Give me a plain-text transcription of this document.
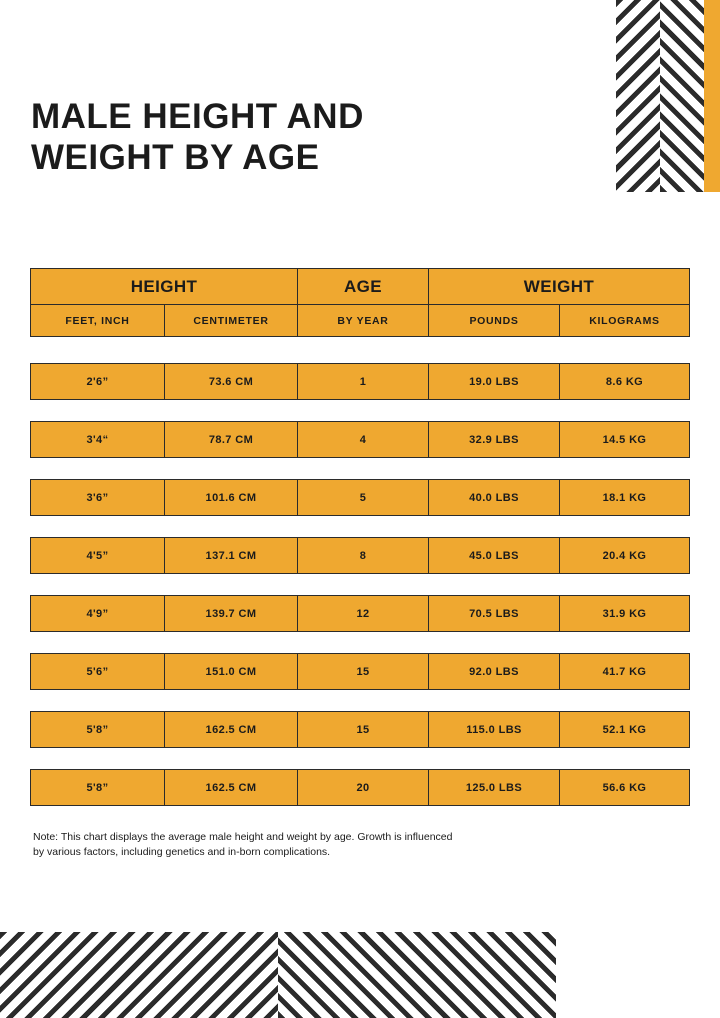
MALE HEIGHT AND
WEIGHT BY AGE
HEIGHT	AGE	WEIGHT
FEET, INCH	CENTIMETER	BY YEAR	POUNDS	KILOGRAMS
2'6”	73.6 CM	1	19.0 LBS	8.6 KG
3'4“	78.7 CM	4	32.9 LBS	14.5 KG
3'6”	101.6 CM	5	40.0 LBS	18.1 KG
4'5”	137.1 CM	8	45.0 LBS	20.4 KG
4'9”	139.7 CM	12	70.5 LBS	31.9 KG
5'6”	151.0 CM	15	92.0 LBS	41.7 KG
5'8”	162.5 CM	15	115.0 LBS	52.1 KG
5'8”	162.5 CM	20	125.0 LBS	56.6 KG
Note: This chart displays the average male height and weight by age. Growth is influenced
by various factors, including genetics and in-born complications.
